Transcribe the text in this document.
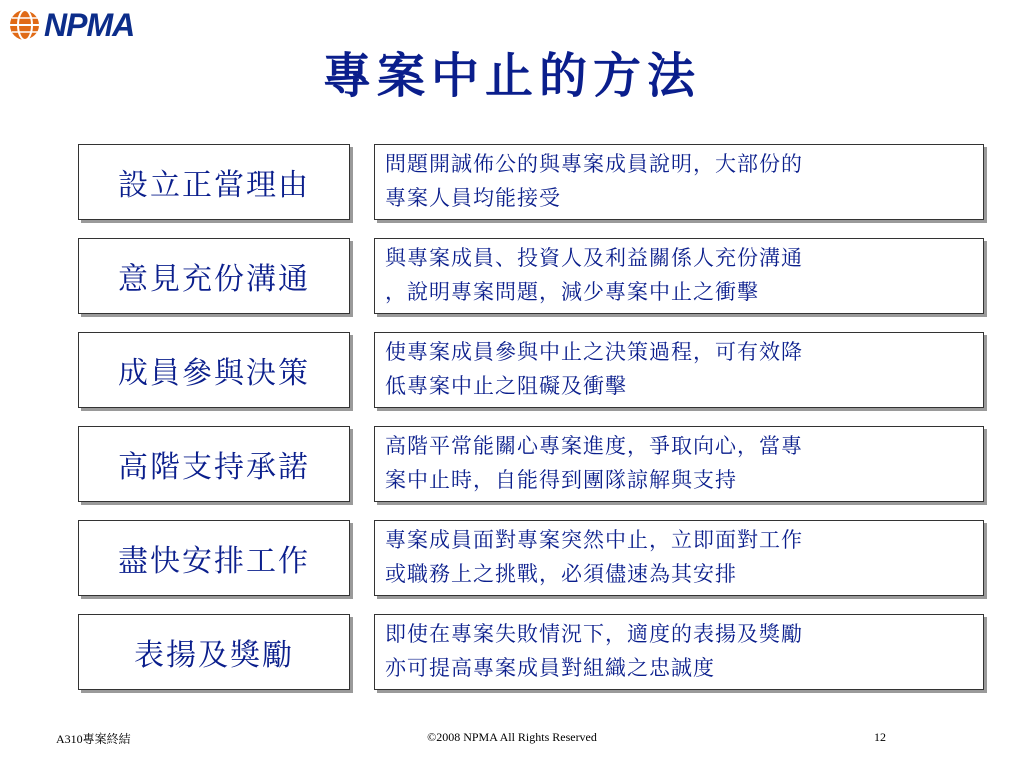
NPMA
專案中止的方法
設立正當理由
問題開誠佈公的與專案成員說明，大部份的
專案人員均能接受
意見充份溝通
與專案成員、投資人及利益關係人充份溝通
，說明專案問題，減少專案中止之衝擊
成員參與決策
使專案成員參與中止之決策過程，可有效降
低專案中止之阻礙及衝擊
高階支持承諾
高階平常能關心專案進度，爭取向心，當專
案中止時，自能得到團隊諒解與支持
盡快安排工作
專案成員面對專案突然中止，立即面對工作
或職務上之挑戰，必須儘速為其安排
表揚及獎勵
即使在專案失敗情況下，適度的表揚及獎勵
亦可提高專案成員對組織之忠誠度
A310專案終結	©2008 NPMA All Rights Reserved	12
